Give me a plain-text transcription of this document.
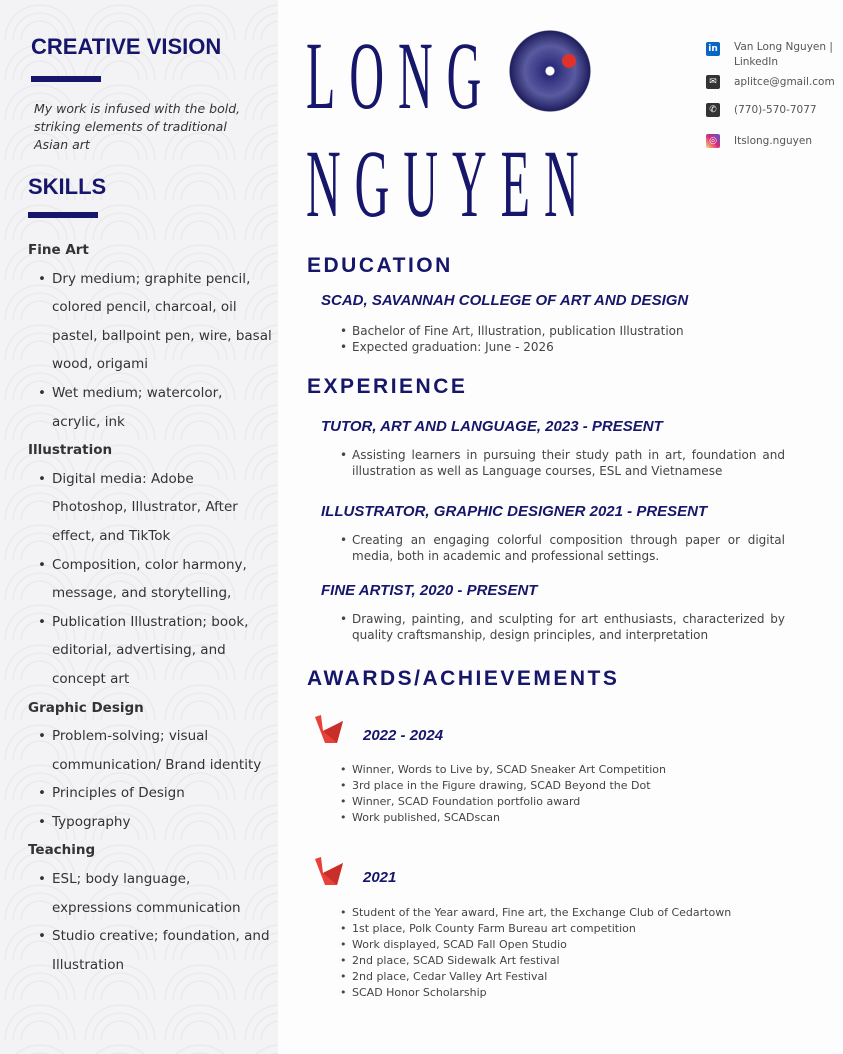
CREATIVE VISION
My work is infused with the bold, striking elements of traditional Asian art
SKILLS
Fine Art
• Dry medium; graphite pencil, colored pencil, charcoal, oil pastel, ballpoint pen, wire, basal wood, origami
• Wet medium; watercolor, acrylic, ink
Illustration
• Digital media: Adobe Photoshop, Illustrator, After effect, and TikTok
• Composition, color harmony, message, and storytelling,
• Publication Illustration; book, editorial, advertising, and concept art
Graphic Design
• Problem-solving; visual communication/ Brand identity
• Principles of Design
• Typography
Teaching
• ESL; body language, expressions communication
• Studio creative; foundation, and Illustration
LONG
NGUYEN
in Van Long Nguyen | LinkedIn
✉	aplitce@gmail.com
✆	(770)-570-7077
◎ Itslong.nguyen
EDUCATION
SCAD, SAVANNAH COLLEGE OF ART AND DESIGN
• Bachelor of Fine Art, Illustration, publication Illustration
• Expected graduation: June - 2026
EXPERIENCE
TUTOR, ART AND LANGUAGE, 2023 - PRESENT
• Assisting learners in pursuing their study path in art, foundation and illustration as well as Language courses, ESL and Vietnamese
ILLUSTRATOR, GRAPHIC DESIGNER 2021 - PRESENT
• Creating an engaging colorful composition through paper or digital media, both in academic and professional settings.
FINE ARTIST, 2020 - PRESENT
• Drawing, painting, and sculpting for art enthusiasts, characterized by quality craftsmanship, design principles, and interpretation
AWARDS/ACHIEVEMENTS
2022 - 2024
• Winner, Words to Live by, SCAD Sneaker Art Competition
• 3rd place in the Figure drawing, SCAD Beyond the Dot
• Winner, SCAD Foundation portfolio award
• Work published, SCADscan
2021
• Student of the Year award, Fine art, the Exchange Club of Cedartown
• 1st place, Polk County Farm Bureau art competition
• Work displayed, SCAD Fall Open Studio
• 2nd place, SCAD Sidewalk Art festival
• 2nd place, Cedar Valley Art Festival
• SCAD Honor Scholarship
